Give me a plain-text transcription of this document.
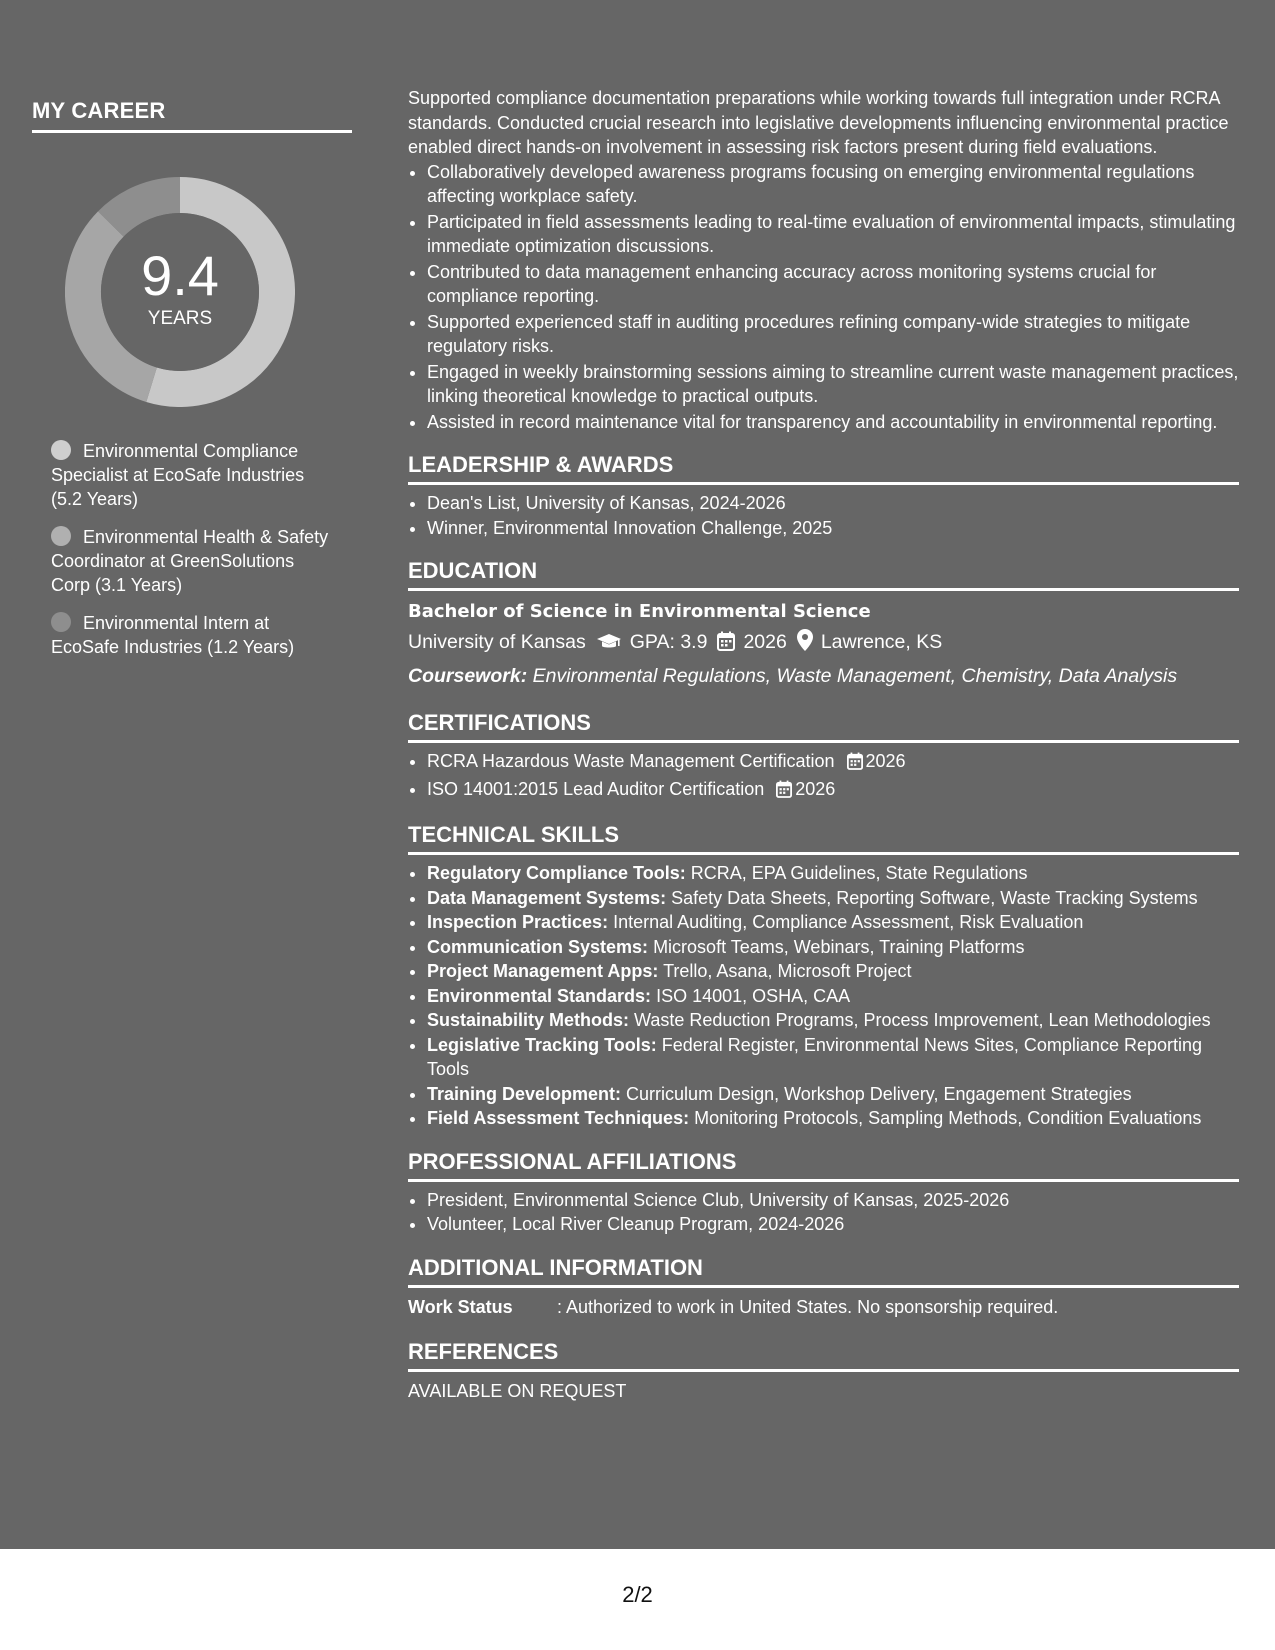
MY CAREER
9.4
YEARS
Environmental Compliance Specialist at EcoSafe Industries (5.2 Years)
Environmental Health & Safety Coordinator at GreenSolutions Corp (3.1 Years)
Environmental Intern at EcoSafe Industries (1.2 Years)

Supported compliance documentation preparations while working towards full integration under RCRA standards. Conducted crucial research into legislative developments influencing environmental practice enabled direct hands-on involvement in assessing risk factors present during field evaluations.

• Collaboratively developed awareness programs focusing on emerging environmental regulations affecting workplace safety.
• Participated in field assessments leading to real-time evaluation of environmental impacts, stimulating immediate optimization discussions.
• Contributed to data management enhancing accuracy across monitoring systems crucial for compliance reporting.
• Supported experienced staff in auditing procedures refining company-wide strategies to mitigate regulatory risks.
• Engaged in weekly brainstorming sessions aiming to streamline current waste management practices, linking theoretical knowledge to practical outputs.
• Assisted in record maintenance vital for transparency and accountability in environmental reporting.
LEADERSHIP & AWARDS
• Dean's List, University of Kansas, 2024-2026
• Winner, Environmental Innovation Challenge, 2025
EDUCATION
Bachelor of Science in Environmental Science
University of Kansas GPA: 3.9 2026 Lawrence, KS
Coursework: Environmental Regulations, Waste Management, Chemistry, Data Analysis
CERTIFICATIONS
• RCRA Hazardous Waste Management Certification 2026
• ISO 14001:2015 Lead Auditor Certification 2026
TECHNICAL SKILLS
• Regulatory Compliance Tools: RCRA, EPA Guidelines, State Regulations
• Data Management Systems: Safety Data Sheets, Reporting Software, Waste Tracking Systems
• Inspection Practices: Internal Auditing, Compliance Assessment, Risk Evaluation
• Communication Systems: Microsoft Teams, Webinars, Training Platforms
• Project Management Apps: Trello, Asana, Microsoft Project
• Environmental Standards: ISO 14001, OSHA, CAA
• Sustainability Methods: Waste Reduction Programs, Process Improvement, Lean Methodologies
• Legislative Tracking Tools: Federal Register, Environmental News Sites, Compliance Reporting Tools
• Training Development: Curriculum Design, Workshop Delivery, Engagement Strategies
• Field Assessment Techniques: Monitoring Protocols, Sampling Methods, Condition Evaluations
PROFESSIONAL AFFILIATIONS
• President, Environmental Science Club, University of Kansas, 2025-2026
• Volunteer, Local River Cleanup Program, 2024-2026
ADDITIONAL INFORMATION
Work Status	: Authorized to work in United States. No sponsorship required.
REFERENCES
AVAILABLE ON REQUEST
2/2
